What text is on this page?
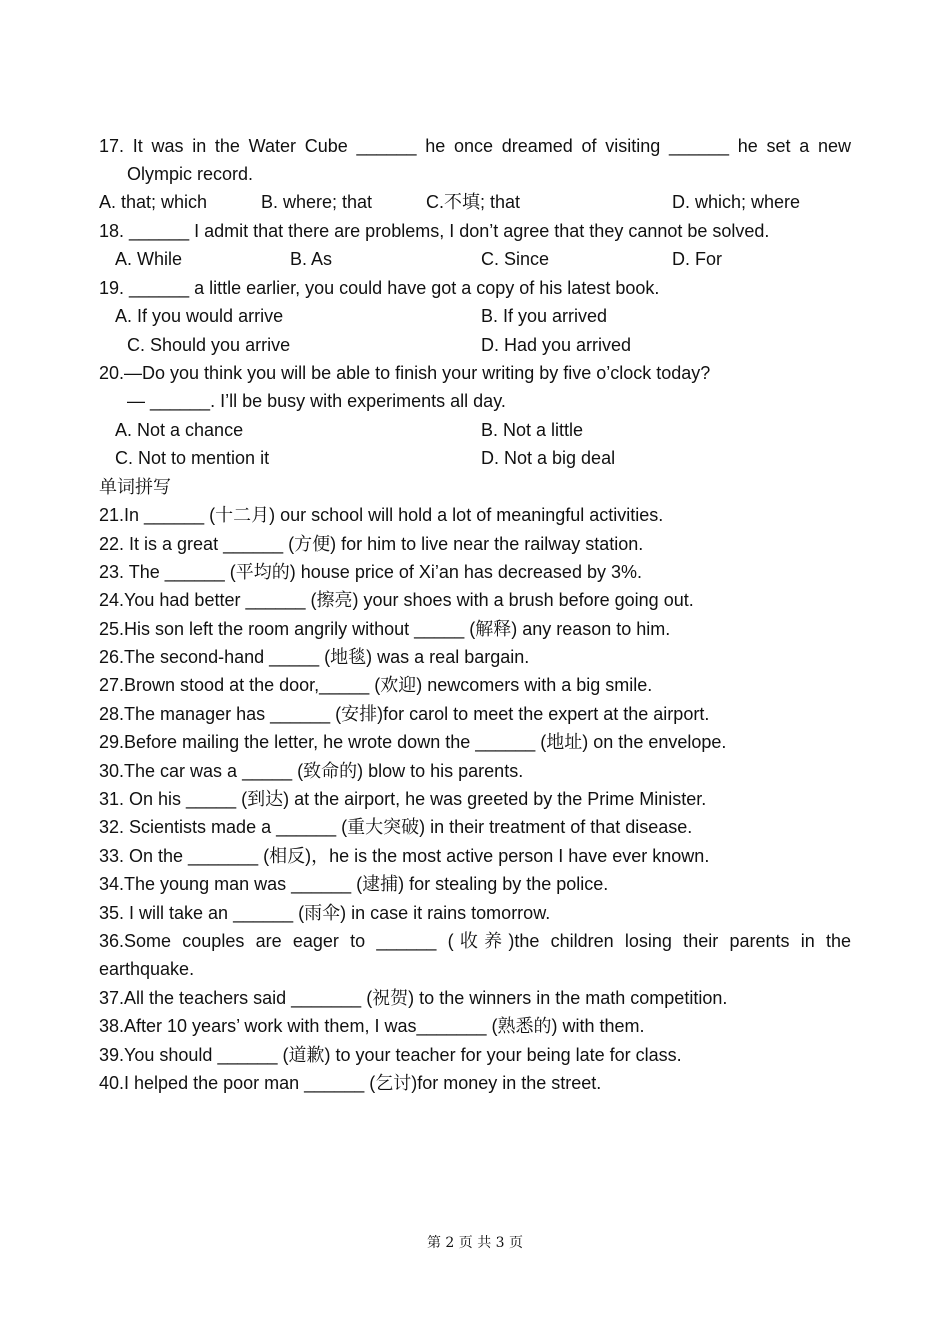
17. It was in the Water Cube ______ he once dreamed of visiting ______ he set a new
Olympic record.
A. that; which	B. where; that	C.不填; that	D. which; where
18. ______ I admit that there are problems, I don’t agree that they cannot be solved.
A. While	B. As	C. Since	D. For
19. ______ a little earlier, you could have got a copy of his latest book.
A. If you would arrive	B. If you arrived
C. Should you arrive	D. Had you arrived
20.—Do you think you will be able to finish your writing by five o’clock today?
— ______. I’ll be busy with experiments all day.
A. Not a chance	B. Not a little
C. Not to mention it	D. Not a big deal
单词拼写
21.In ______ (十二月) our school will hold a lot of meaningful activities.
22. It is a great ______ (方便) for him to live near the railway station.
23. The ______ (平均的) house price of Xi’an has decreased by 3%.
24.You had better ______ (擦亮) your shoes with a brush before going out.
25.His son left the room angrily without _____ (解释) any reason to him.
26.The second-hand _____ (地毯) was a real bargain.
27.Brown stood at the door,_____ (欢迎) newcomers with a big smile.
28.The manager has ______ (安排)for carol to meet the expert at the airport.
29.Before mailing the letter, he wrote down the ______ (地址) on the envelope.
30.The car was a _____ (致命的) blow to his parents.
31. On his _____ (到达) at the airport, he was greeted by the Prime Minister.
32. Scientists made a ______ (重大突破) in their treatment of that disease.
33. On the _______ (相反)，he is the most active person I have ever known.
34.The young man was ______ (逮捕) for stealing by the police.
35. I will take an ______ (雨伞) in case it rains tomorrow.
36.Some couples are eager to ______ (收养)the children losing their parents in the
earthquake.
37.All the teachers said _______ (祝贺) to the winners in the math competition.
38.After 10 years’ work with them, I was_______ (熟悉的) with them.
39.You should ______ (道歉) to your teacher for your being late for class.
40.I helped the poor man ______ (乞讨)for money in the street.
第 2 页 共 3 页
